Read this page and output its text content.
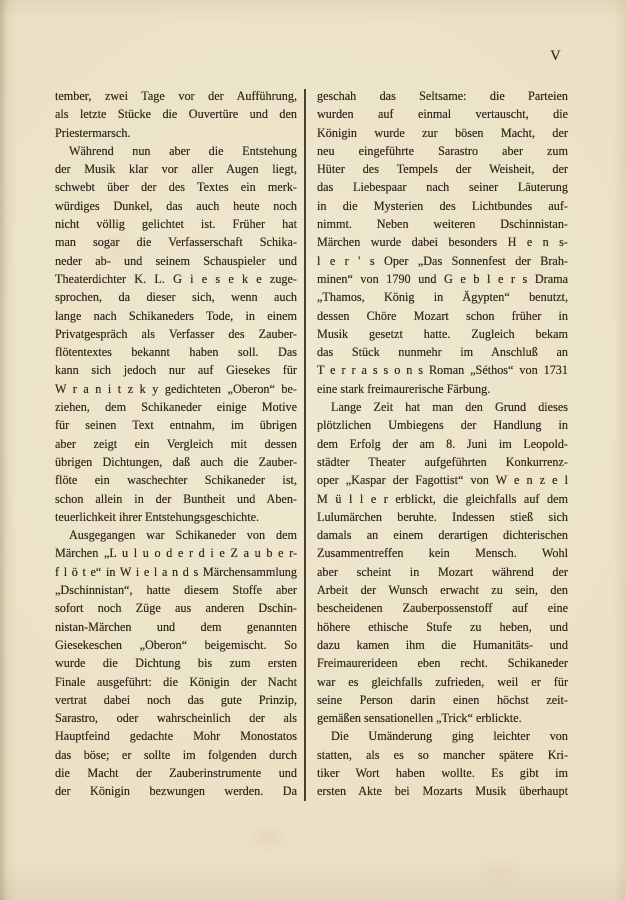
V
tember, zwei Tage vor der Aufführung,
als letzte Stücke die Ouvertüre und den
Priestermarsch.
Während nun aber die Entstehung
der Musik klar vor aller Augen liegt,
schwebt über der des Textes ein merk-
würdiges Dunkel, das auch heute noch
nicht völlig gelichtet ist. Früher hat
man sogar die Verfasserschaft Schika-
neder ab- und seinem Schauspieler und
Theaterdichter K. L. G i e s e k e zuge-
sprochen, da dieser sich, wenn auch
lange nach Schikaneders Tode, in einem
Privatgespräch als Verfasser des Zauber-
flötentextes bekannt haben soll. Das
kann sich jedoch nur auf Giesekes für
W r a n i t z k y gedichteten „Oberon“ be-
ziehen, dem Schikaneder einige Motive
für seinen Text entnahm, im übrigen
aber zeigt ein Vergleich mit dessen
übrigen Dichtungen, daß auch die Zauber-
flöte ein waschechter Schikaneder ist,
schon allein in der Buntheit und Aben-
teuerlichkeit ihrer Entstehungsgeschichte.
Ausgegangen war Schikaneder von dem
Märchen „L u l u o d e r d i e Z a u b e r-
f l ö t e“ in W i e l a n d s Märchensammlung
„Dschinnistan“, hatte diesem Stoffe aber
sofort noch Züge aus anderen Dschin-
nistan-Märchen und dem genannten
Giesekeschen „Oberon“ beigemischt. So
wurde die Dichtung bis zum ersten
Finale ausgeführt: die Königin der Nacht
vertrat dabei noch das gute Prinzip,
Sarastro, oder wahrscheinlich der als
Hauptfeind gedachte Mohr Monostatos
das böse; er sollte im folgenden durch
die Macht der Zauberinstrumente und
der Königin bezwungen werden. Da
geschah das Seltsame: die Parteien
wurden auf einmal vertauscht, die
Königin wurde zur bösen Macht, der
neu eingeführte Sarastro aber zum
Hüter des Tempels der Weisheit, der
das Liebespaar nach seiner Läuterung
in die Mysterien des Lichtbundes auf-
nimmt. Neben weiteren Dschinnistan-
Märchen wurde dabei besonders H e n s-
l e r ' s Oper „Das Sonnenfest der Brah-
minen“ von 1790 und G e b l e r s Drama
„Thamos, König in Ägypten“ benutzt,
dessen Chöre Mozart schon früher in
Musik gesetzt hatte. Zugleich bekam
das Stück nunmehr im Anschluß an
T e r r a s s o n s Roman „Séthos“ von 1731
eine stark freimaurerische Färbung.
Lange Zeit hat man den Grund dieses
plötzlichen Umbiegens der Handlung in
dem Erfolg der am 8. Juni im Leopold-
städter Theater aufgeführten Konkurrenz-
oper „Kaspar der Fagottist“ von W e n z e l
M ü l l e r erblickt, die gleichfalls auf dem
Lulumärchen beruhte. Indessen stieß sich
damals an einem derartigen dichterischen
Zusammentreffen kein Mensch. Wohl
aber scheint in Mozart während der
Arbeit der Wunsch erwacht zu sein, den
bescheidenen Zauberpossenstoff auf eine
höhere ethische Stufe zu heben, und
dazu kamen ihm die Humanitäts- und
Freimaurerideen eben recht. Schikaneder
war es gleichfalls zufrieden, weil er für
seine Person darin einen höchst zeit-
gemäßen sensationellen „Trick“ erblickte.
Die Umänderung ging leichter von
statten, als es so mancher spätere Kri-
tiker Wort haben wollte. Es gibt im
ersten Akte bei Mozarts Musik überhaupt
